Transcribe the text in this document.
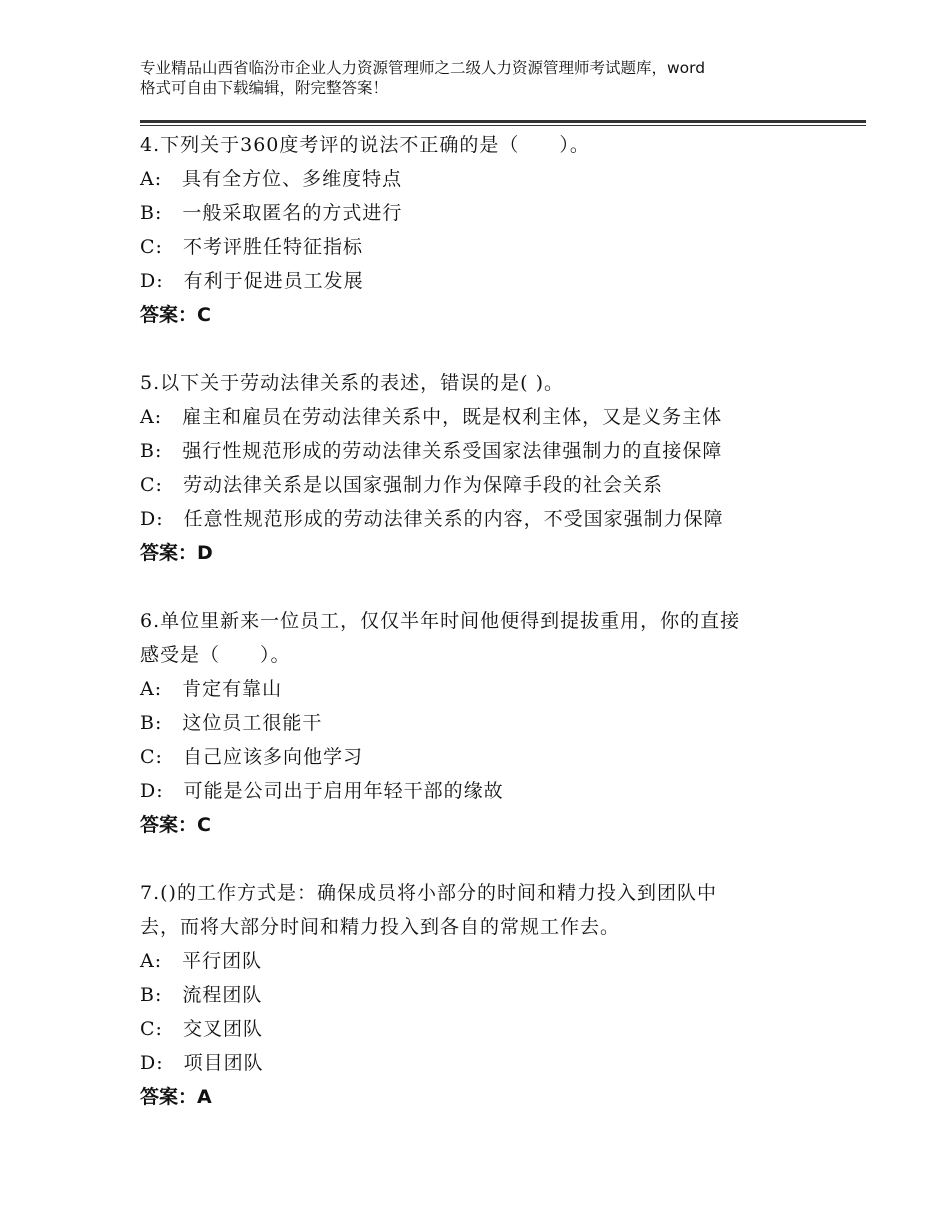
专业精品山西省临汾市企业人力资源管理师之二级人力资源管理师考试题库，word
格式可自由下载编辑，附完整答案！
4.下列关于360度考评的说法不正确的是（　　）。
A:　具有全方位、多维度特点
B:　一般采取匿名的方式进行
C:　不考评胜任特征指标
D:　有利于促进员工发展
答案：C
5.以下关于劳动法律关系的表述，错误的是( )。
A:　雇主和雇员在劳动法律关系中，既是权利主体，又是义务主体
B:　强行性规范形成的劳动法律关系受国家法律强制力的直接保障
C:　劳动法律关系是以国家强制力作为保障手段的社会关系
D:　任意性规范形成的劳动法律关系的内容，不受国家强制力保障
答案：D
6.单位里新来一位员工，仅仅半年时间他便得到提拔重用，你的直接
感受是（　　）。
A:　肯定有靠山
B:　这位员工很能干
C:　自己应该多向他学习
D:　可能是公司出于启用年轻干部的缘故
答案：C
7.()的工作方式是：确保成员将小部分的时间和精力投入到团队中
去，而将大部分时间和精力投入到各自的常规工作去。
A:　平行团队
B:　流程团队
C:　交叉团队
D:　项目团队
答案：A
